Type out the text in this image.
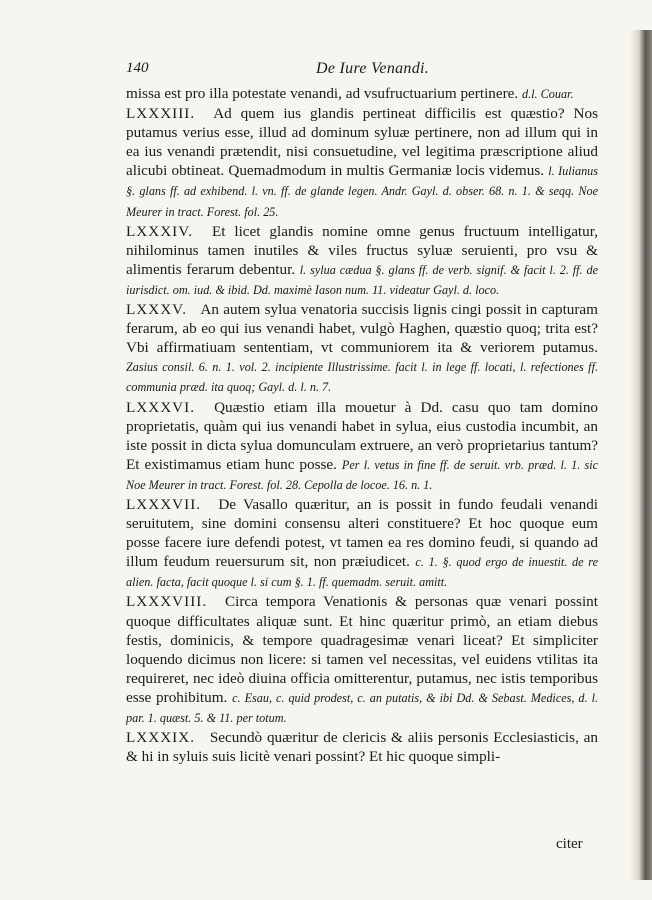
140	De Iure Venandi.

missa est pro illa potestate venandi, ad vsufructuarium pertinere. d.l. Couar.

LXXXIII. Ad quem ius glandis pertineat difficilis est quæstio? Nos putamus verius esse, illud ad dominum syluæ pertinere, non ad illum qui in ea ius venandi prætendit, nisi consuetudine, vel legitima præscriptione aliud alicubi obtineat. Quemadmodum in multis Germaniæ locis videmus. l. Iulianus §. glans ff. ad exhibend. l. vn. ff. de glande legen. Andr. Gayl. d. obser. 68. n. 1. & seqq. Noe Meurer in tract. Forest. fol. 25.

LXXXIV. Et licet glandis nomine omne genus fructuum intelligatur, nihilominus tamen inutiles & viles fructus syluæ seruienti, pro vsu & alimentis ferarum debentur. l. sylua cædua §. glans ff. de verb. signif. & facit l. 2. ff. de iurisdict. om. iud. & ibid. Dd. maximè Iason num. 11. videatur Gayl. d. loco.

LXXXV. An autem sylua venatoria succisis lignis cingi possit in capturam ferarum, ab eo qui ius venandi habet, vulgò Haghen, quæstio quoq; trita est? Vbi affirmatiuam sententiam, vt communiorem ita & veriorem putamus. Zasius consil. 6. n. 1. vol. 2. incipiente Illustrissime. facit l. in lege ff. locati, l. refectiones ff. communia præd. ita quoq; Gayl. d. l. n. 7.

LXXXVI. Quæstio etiam illa mouetur à Dd. casu quo tam domino proprietatis, quàm qui ius venandi habet in sylua, eius custodia incumbit, an iste possit in dicta sylua domunculam extruere, an verò proprietarius tantum? Et existimamus etiam hunc posse. Per l. vetus in fine ff. de seruit. vrb. præd. l. 1. sic Noe Meurer in tract. Forest. fol. 28. Cepolla de locoe. 16. n. 1.

LXXXVII. De Vasallo quæritur, an is possit in fundo feudali venandi seruitutem, sine domini consensu alteri constituere? Et hoc quoque eum posse facere iure defendi potest, vt tamen ea res domino feudi, si quando ad illum feudum reuersurum sit, non præiudicet. c. 1. §. quod ergo de inuestit. de re alien. facta, facit quoque l. si cum §. 1. ff. quemadm. seruit. amitt.

LXXXVIII. Circa tempora Venationis & personas quæ venari possint quoque difficultates aliquæ sunt. Et hinc quæritur primò, an etiam diebus festis, dominicis, & tempore quadragesimæ venari liceat? Et simpliciter loquendo dicimus non licere: si tamen vel necessitas, vel euidens vtilitas ita requireret, nec ideò diuina officia omitterentur, putamus, nec istis temporibus esse prohibitum. c. Esau, c. quid prodest, c. an putatis, & ibi Dd. & Sebast. Medices, d. l. par. 1. quæst. 5. & 11. per totum.

LXXXIX. Secundò quæritur de clericis & aliis personis Ecclesiasticis, an & hi in syluis suis licitè venari possint? Et hic quoque simpli-

citer
